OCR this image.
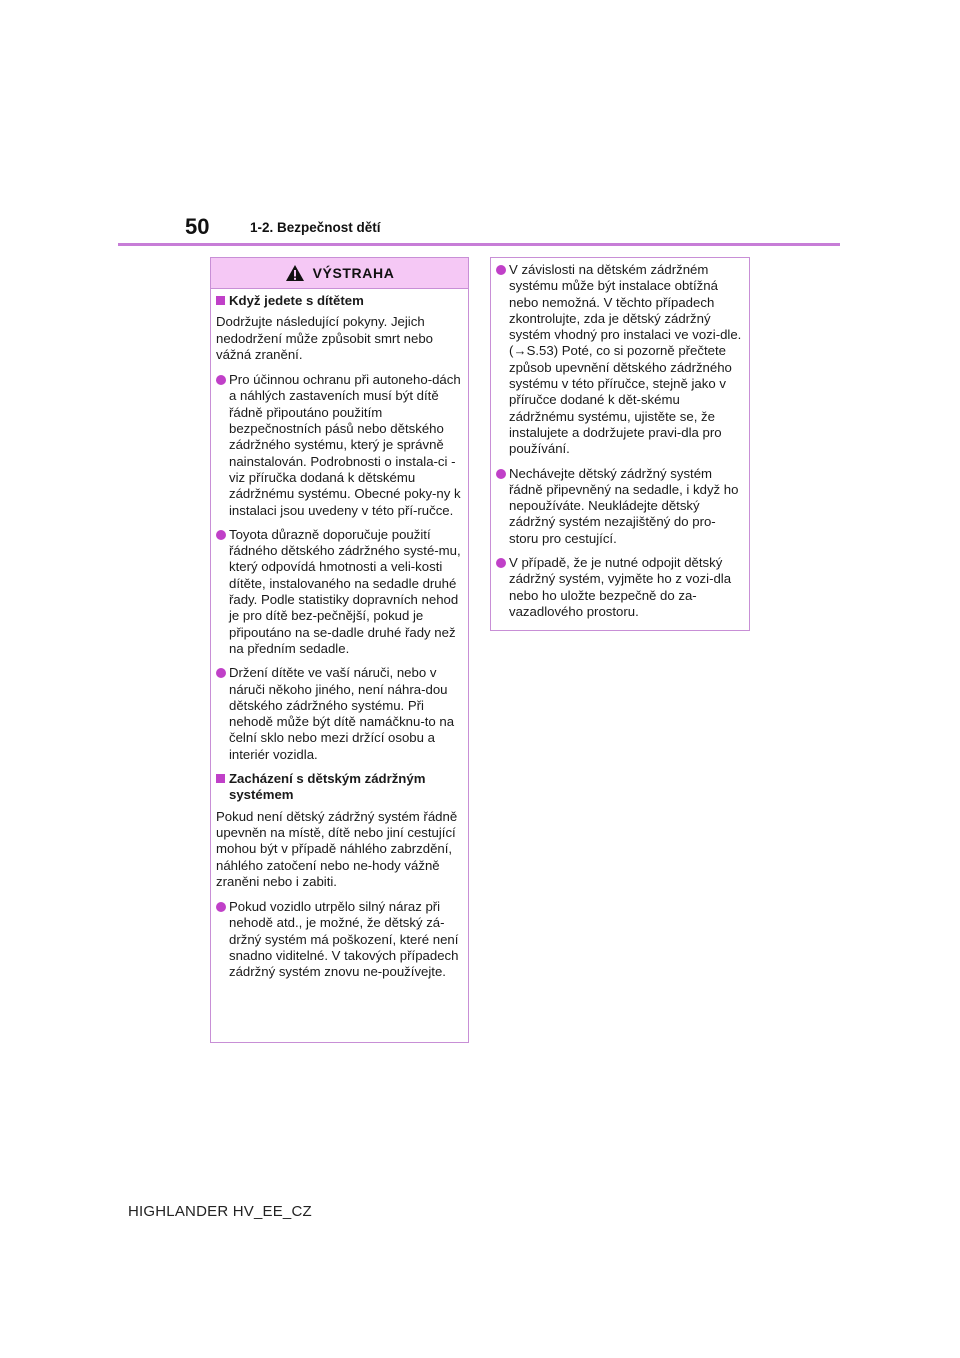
50	1-2. Bezpečnost dětí
VÝSTRAHA
Když jedete s dítětem
Dodržujte následující pokyny. Jejich nedodržení může způsobit smrt nebo vážná zranění.
Pro účinnou ochranu při autoneho-dách a náhlých zastaveních musí být dítě řádně připoutáno použitím bezpečnostních pásů nebo dětského zádržného systému, který je správně nainstalován. Podrobnosti o instala-ci - viz příručka dodaná k dětskému zádržnému systému. Obecné poky-ny k instalaci jsou uvedeny v této pří-ručce.
Toyota důrazně doporučuje použití řádného dětského zádržného systé-mu, který odpovídá hmotnosti a veli-kosti dítěte, instalovaného na sedadle druhé řady. Podle statistiky dopravních nehod je pro dítě bez-pečnější, pokud je připoutáno na se-dadle druhé řady než na předním sedadle.
Držení dítěte ve vaší náruči, nebo v náruči někoho jiného, není náhra-dou dětského zádržného systému. Při nehodě může být dítě namáčknu-to na čelní sklo nebo mezi držící osobu a interiér vozidla.
Zacházení s dětským zádržným systémem
Pokud není dětský zádržný systém řádně upevněn na místě, dítě nebo jiní cestující mohou být v případě náhlého zabrzdění, náhlého zatočení nebo ne-hody vážně zraněni nebo i zabiti.
Pokud vozidlo utrpělo silný náraz při nehodě atd., je možné, že dětský zá-držný systém má poškození, které není snadno viditelné. V takových případech zádržný systém znovu ne-používejte.
V závislosti na dětském zádržném systému může být instalace obtížná nebo nemožná. V těchto případech zkontrolujte, zda je dětský zádržný systém vhodný pro instalaci ve vozi-dle. (→S.53) Poté, co si pozorně přečtete způsob upevnění dětského zádržného systému v této příručce, stejně jako v příručce dodané k dět-skému zádržnému systému, ujistěte se, že instalujete a dodržujete pravi-dla pro používání.
Nechávejte dětský zádržný systém řádně připevněný na sedadle, i když ho nepoužíváte. Neukládejte dětský zádržný systém nezajištěný do pro-storu pro cestující.
V případě, že je nutné odpojit dětský zádržný systém, vyjměte ho z vozi-dla nebo ho uložte bezpečně do za-vazadlového prostoru.
HIGHLANDER HV_EE_CZ
